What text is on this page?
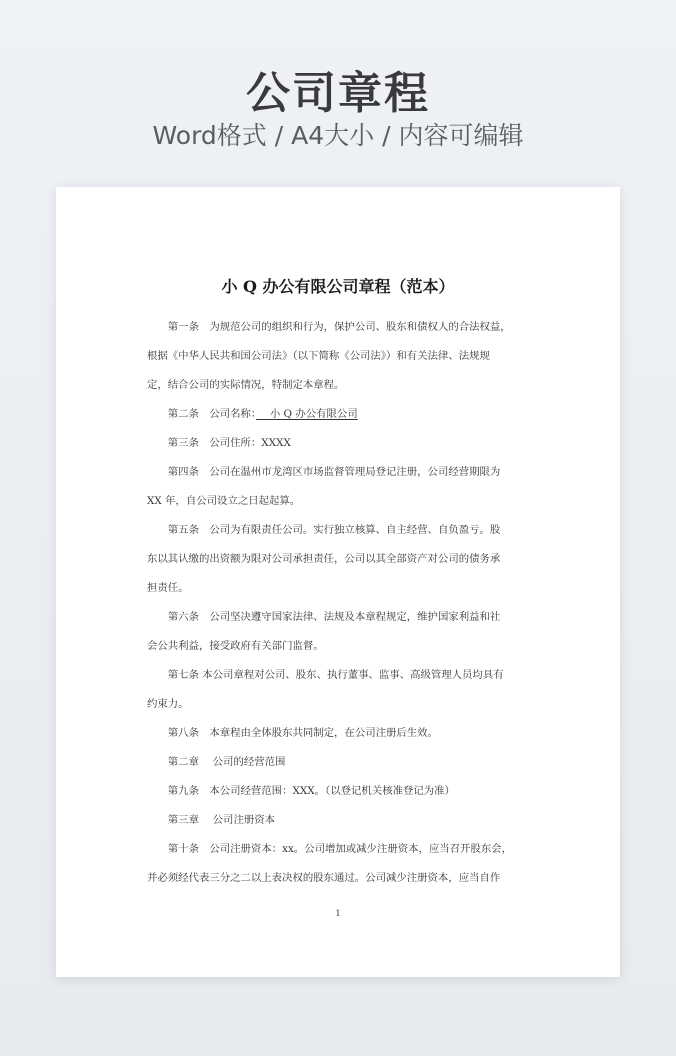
公司章程
Word格式 / A4大小 / 内容可编辑
小 Q 办公有限公司章程（范本）
第一条　为规范公司的组织和行为，保护公司、股东和债权人的合法权益，
根据《中华人民共和国公司法》（以下简称《公司法》）和有关法律、法规规
定，结合公司的实际情况，特制定本章程。
第二条　公司名称：　 小 Q 办公有限公司
第三条　公司住所：XXXX
第四条　公司在温州市龙湾区市场监督管理局登记注册，公司经营期限为
XX 年，自公司设立之日起起算。
第五条　公司为有限责任公司。实行独立核算、自主经营、自负盈亏。股
东以其认缴的出资额为限对公司承担责任，公司以其全部资产对公司的债务承
担责任。
第六条　公司坚决遵守国家法律、法规及本章程规定，维护国家利益和社
会公共利益，接受政府有关部门监督。
第七条 本公司章程对公司、股东、执行董事、监事、高级管理人员均具有
约束力。
第八条　本章程由全体股东共同制定，在公司注册后生效。
第二章　 公司的经营范围
第九条　本公司经营范围：XXX。（以登记机关核准登记为准）
第三章　 公司注册资本
第十条　公司注册资本：xx。公司增加或减少注册资本，应当召开股东会，
并必须经代表三分之二以上表决权的股东通过。公司减少注册资本，应当自作
1
